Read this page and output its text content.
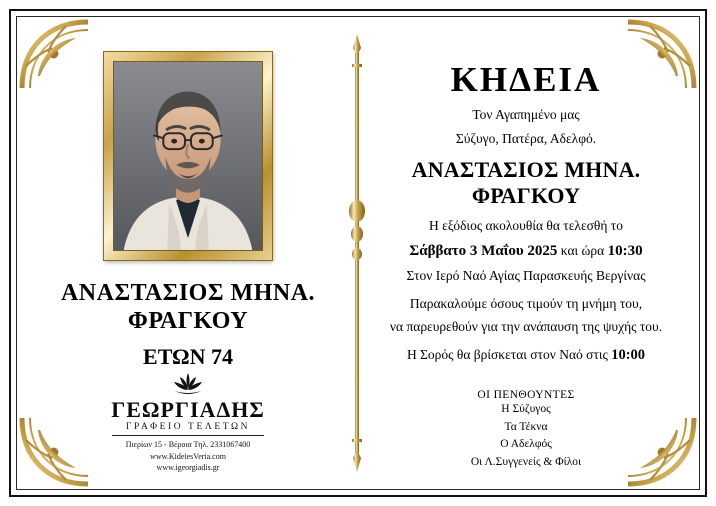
ΑΝΑΣΤΑΣΙΟΣ ΜΗΝΑ. ΦΡΑΓΚΟΥ
ΕΤΩΝ 74
ΓΕΩΡΓΙΑΔΗΣ
ΓΡΑΦΕΙΟ ΤΕΛΕΤΩΝ
Πιερίων 15 - Βέροια Τηλ. 2331067400
www.KideiesVeria.com
www.igeorgiadis.gr
ΚΗΔΕΙΑ
Τον Αγαπημένο μας
Σύζυγο, Πατέρα, Αδελφό.
ΑΝΑΣΤΑΣΙΟΣ ΜΗΝΑ. ΦΡΑΓΚΟΥ
Η εξόδιος ακολουθία θα τελεσθή το
Σάββατο 3 Μαΐου 2025 και ώρα 10:30
Στον Ιερό Ναό Αγίας Παρασκευής Βεργίνας
Παρακαλούμε όσους τιμούν τη μνήμη του,
να παρευρεθούν για την ανάπαυση της ψυχής του.
Η Σορός θα βρίσκεται στον Ναό στις 10:00
ΟΙ ΠΕΝΘΟΥΝΤΕΣ
Η Σύζυγος
Τα Τέκνα
Ο Αδελφός
Οι Λ.Συγγενείς & Φίλοι
